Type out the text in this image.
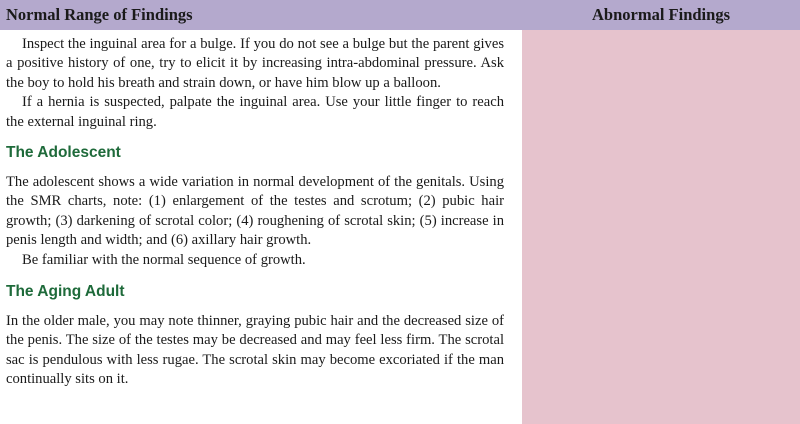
Normal Range of Findings	Abnormal Findings

Inspect the inguinal area for a bulge. If you do not see a bulge but the parent gives a positive history of one, try to elicit it by increasing intra-abdominal pressure. Ask the boy to hold his breath and strain down, or have him blow up a balloon.

If a hernia is suspected, palpate the inguinal area. Use your little finger to reach the external inguinal ring.

The Adolescent

The adolescent shows a wide variation in normal development of the genitals. Using the SMR charts, note: (1) enlargement of the testes and scrotum; (2) pubic hair growth; (3) darkening of scrotal color; (4) roughening of scrotal skin; (5) increase in penis length and width; and (6) axillary hair growth.

Be familiar with the normal sequence of growth.

The Aging Adult

In the older male, you may note thinner, graying pubic hair and the decreased size of the penis. The size of the testes may be decreased and may feel less firm. The scrotal sac is pendulous with less rugae. The scrotal skin may become excoriated if the man continually sits on it.
